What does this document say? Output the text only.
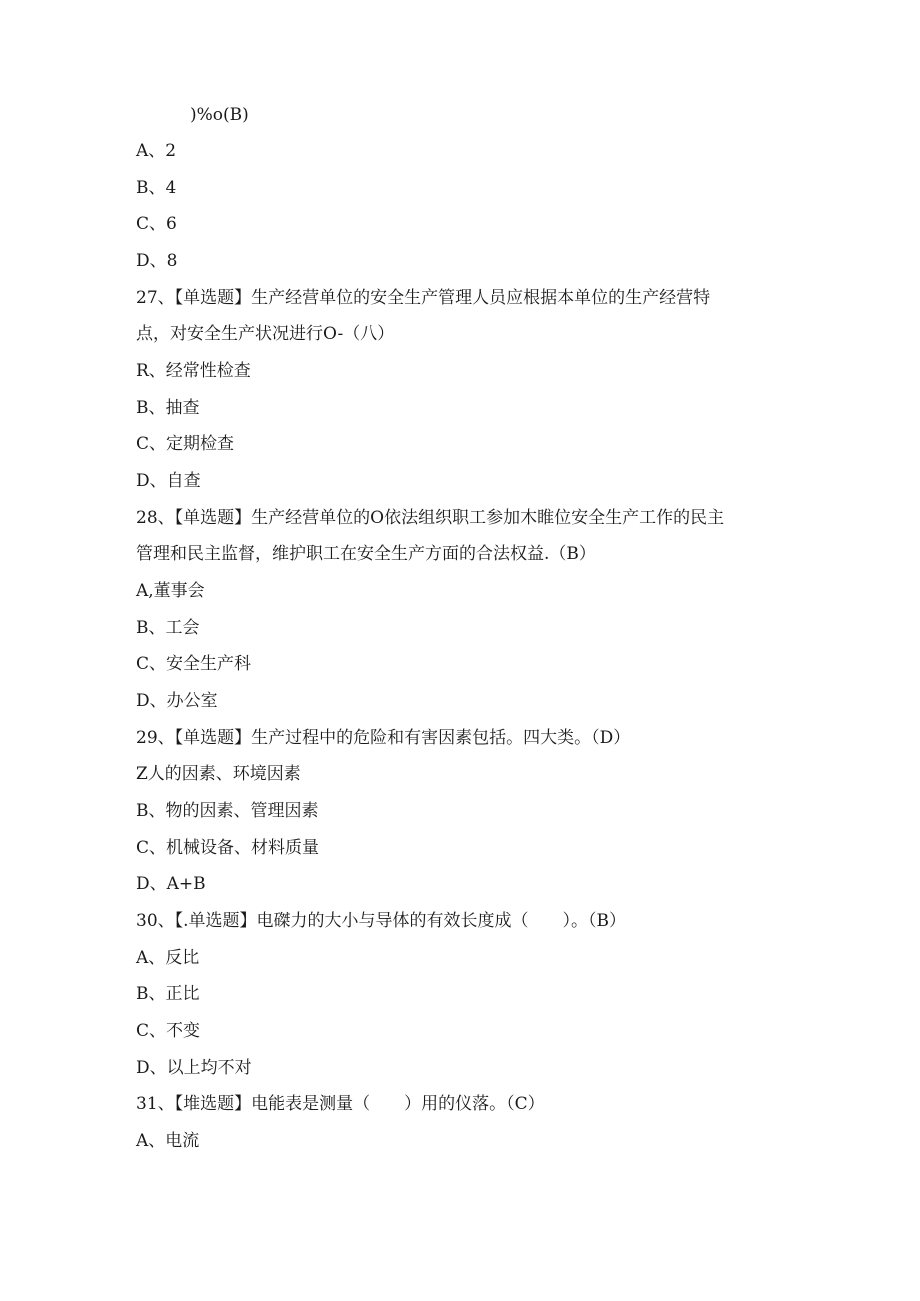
)%o(B)
A、2
B、4
C、6
D、8
27、【单选题】生产经营单位的安全生产管理人员应根据本单位的生产经营特
点，对安全生产状况进行O-（八）
R、经常性检查
B、抽查
C、定期检查
D、自查
28、【单选题】生产经营单位的O依法组织职工参加木睢位安全生产工作的民主
管理和民主监督，维护职工在安全生产方面的合法权益.（B）
A,董事会
B、工会
C、安全生产科
D、办公室
29、【单选题】生产过程中的危险和有害因素包括。四大类。（D）
Z人的因素、环境因素
B、物的因素、管理因素
C、机械设备、材料质量
D、A+B
30、【.单选题】电磔力的大小与导体的有效长度成（　　）。（B）
A、反比
B、正比
C、不变
D、以上均不对
31、【堆选题】电能表是测量（　　）用的仪落。（C）
A、电流
